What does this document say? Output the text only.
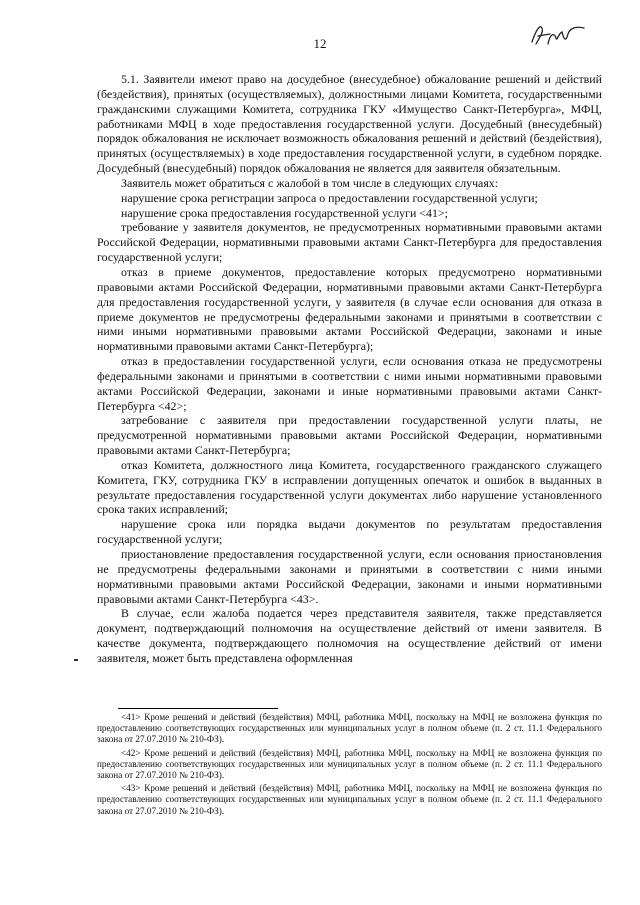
12

5.1. Заявители имеют право на досудебное (внесудебное) обжалование решений и действий (бездействия), принятых (осуществляемых), должностными лицами Комитета, государственными гражданскими служащими Комитета, сотрудника ГКУ «Имущество Санкт-Петербурга», МФЦ, работниками МФЦ в ходе предоставления государственной услуги. Досудебный (внесудебный) порядок обжалования не исключает возможность обжалования решений и действий (бездействия), принятых (осуществляемых) в ходе предоставления государственной услуги, в судебном порядке. Досудебный (внесудебный) порядок обжалования не является для заявителя обязательным.

Заявитель может обратиться с жалобой в том числе в следующих случаях:

нарушение срока регистрации запроса о предоставлении государственной услуги;

нарушение срока предоставления государственной услуги <41>;

требование у заявителя документов, не предусмотренных нормативными правовыми актами Российской Федерации, нормативными правовыми актами Санкт-Петербурга для предоставления государственной услуги;

отказ в приеме документов, предоставление которых предусмотрено нормативными правовыми актами Российской Федерации, нормативными правовыми актами Санкт-Петербурга для предоставления государственной услуги, у заявителя (в случае если основания для отказа в приеме документов не предусмотрены федеральными законами и принятыми в соответствии с ними иными нормативными правовыми актами Российской Федерации, законами и иные нормативными правовыми актами Санкт-Петербурга);

отказ в предоставлении государственной услуги, если основания отказа не предусмотрены федеральными законами и принятыми в соответствии с ними иными нормативными правовыми актами Российской Федерации, законами и иные нормативными правовыми актами Санкт-Петербурга <42>;

затребование с заявителя при предоставлении государственной услуги платы, не предусмотренной нормативными правовыми актами Российской Федерации, нормативными правовыми актами Санкт-Петербурга;

отказ Комитета, должностного лица Комитета, государственного гражданского служащего Комитета, ГКУ, сотрудника ГКУ в исправлении допущенных опечаток и ошибок в выданных в результате предоставления государственной услуги документах либо нарушение установленного срока таких исправлений;

нарушение срока или порядка выдачи документов по результатам предоставления государственной услуги;

приостановление предоставления государственной услуги, если основания приостановления не предусмотрены федеральными законами и принятыми в соответствии с ними иными нормативными правовыми актами Российской Федерации, законами и иными нормативными правовыми актами Санкт-Петербурга <43>.

В случае, если жалоба подается через представителя заявителя, также представляется документ, подтверждающий полномочия на осуществление действий от имени заявителя. В качестве документа, подтверждающего полномочия на осуществление действий от имени заявителя, может быть представлена оформленная

<41> Кроме решений и действий (бездействия) МФЦ, работника МФЦ, поскольку на МФЦ не возложена функция по предоставлению соответствующих государственных или муниципальных услуг в полном объеме (п. 2 ст. 11.1 Федерального закона от 27.07.2010 № 210-ФЗ).

<42> Кроме решений и действий (бездействия) МФЦ, работника МФЦ, поскольку на МФЦ не возложена функция по предоставлению соответствующих государственных или муниципальных услуг в полном объеме (п. 2 ст. 11.1 Федерального закона от 27.07.2010 № 210-ФЗ).

<43> Кроме решений и действий (бездействия) МФЦ, работника МФЦ, поскольку на МФЦ не возложена функция по предоставлению соответствующих государственных или муниципальных услуг в полном объеме (п. 2 ст. 11.1 Федерального закона от 27.07.2010 № 210-ФЗ).
